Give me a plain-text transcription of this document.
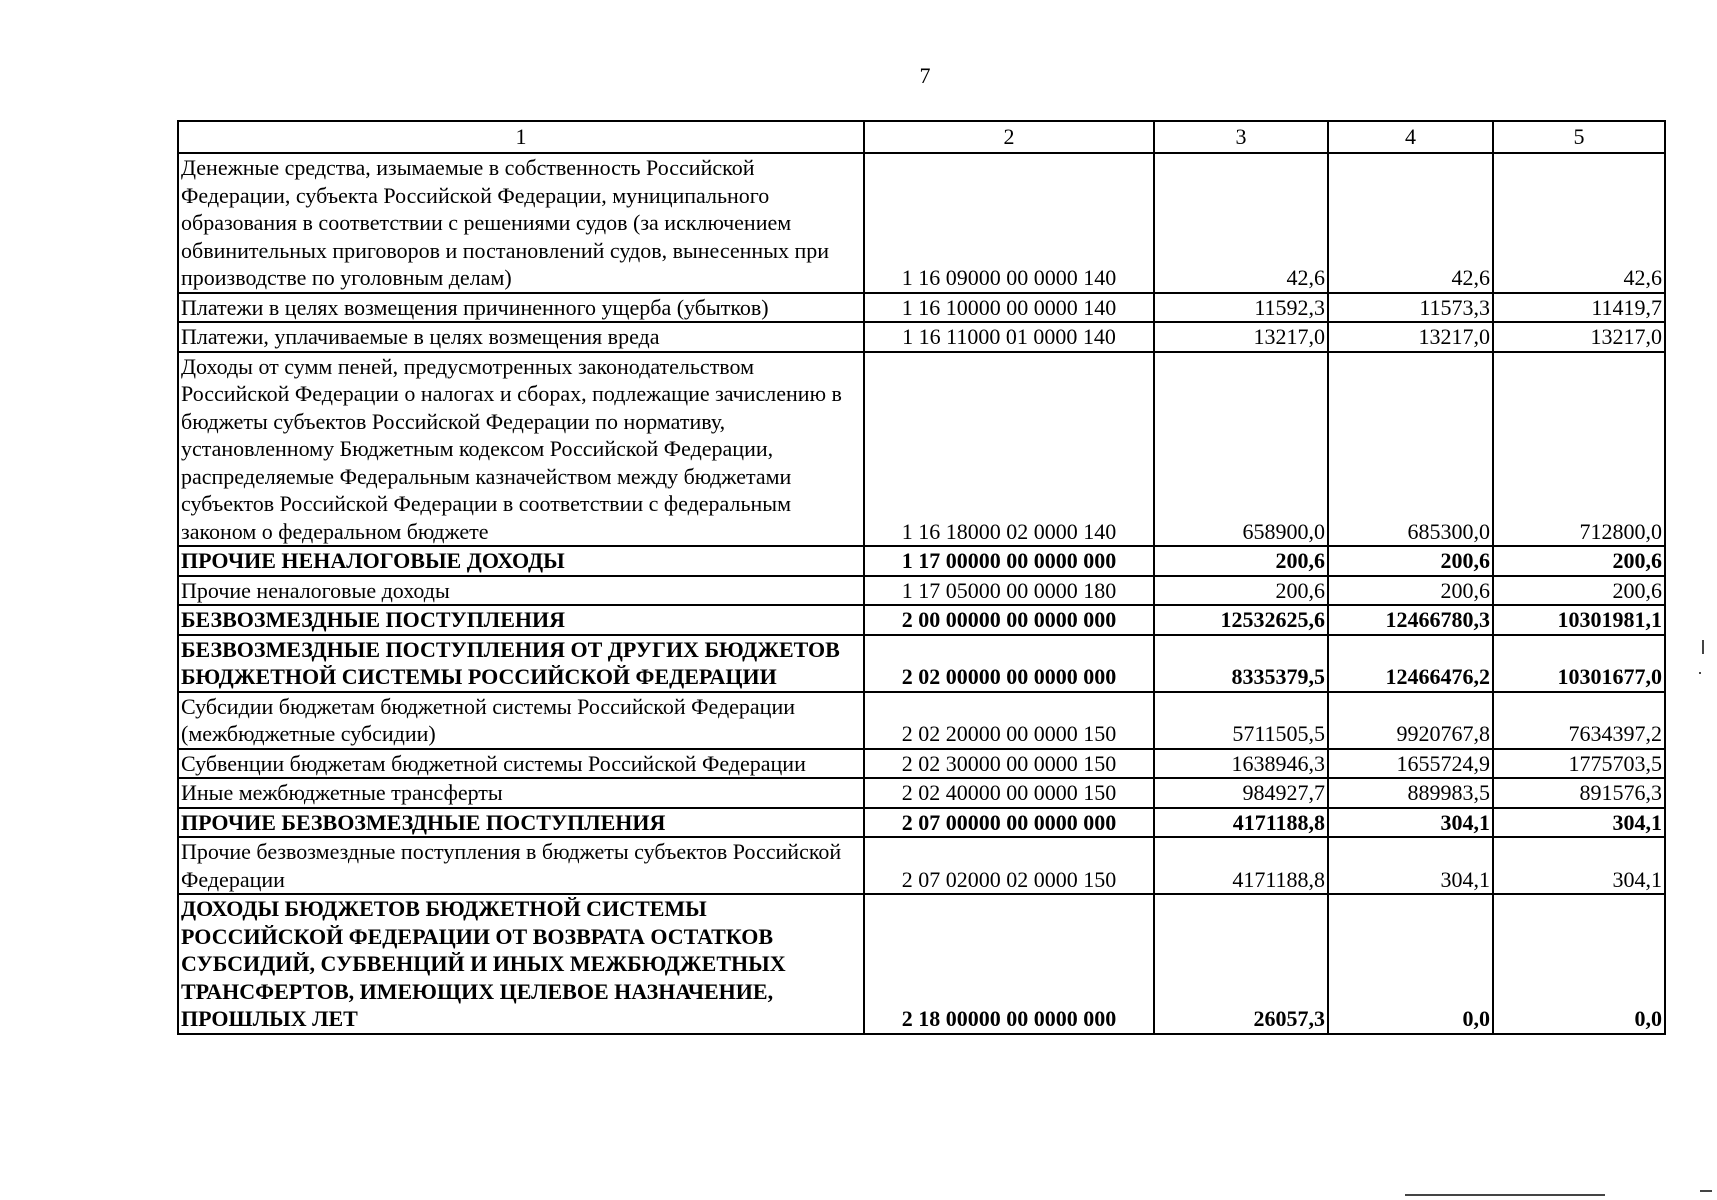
7
1	2	3	4	5
Денежные средства, изымаемые в собственность Российской Федерации, субъекта Российской Федерации, муниципального образования в соответствии с решениями судов (за исключением обвинительных приговоров и постановлений судов, вынесенных при производстве по уголовным делам)	1 16 09000 00 0000 140	42,6	42,6	42,6
Платежи в целях возмещения причиненного ущерба (убытков)	1 16 10000 00 0000 140	11592,3	11573,3	11419,7
Платежи, уплачиваемые в целях возмещения вреда	1 16 11000 01 0000 140	13217,0	13217,0	13217,0
Доходы от сумм пеней, предусмотренных законодательством Российской Федерации о налогах и сборах, подлежащие зачислению в бюджеты субъектов Российской Федерации по нормативу, установленному Бюджетным кодексом Российской Федерации, распределяемые Федеральным казначейством между бюджетами субъектов Российской Федерации в соответствии с федеральным законом о федеральном бюджете	1 16 18000 02 0000 140	658900,0	685300,0	712800,0
ПРОЧИЕ НЕНАЛОГОВЫЕ ДОХОДЫ	1 17 00000 00 0000 000	200,6	200,6	200,6
Прочие неналоговые доходы	1 17 05000 00 0000 180	200,6	200,6	200,6
БЕЗВОЗМЕЗДНЫЕ ПОСТУПЛЕНИЯ	2 00 00000 00 0000 000	12532625,6	12466780,3	10301981,1
БЕЗВОЗМЕЗДНЫЕ ПОСТУПЛЕНИЯ ОТ ДРУГИХ БЮДЖЕТОВ БЮДЖЕТНОЙ СИСТЕМЫ РОССИЙСКОЙ ФЕДЕРАЦИИ	2 02 00000 00 0000 000	8335379,5	12466476,2	10301677,0
Субсидии бюджетам бюджетной системы Российской Федерации (межбюджетные субсидии)	2 02 20000 00 0000 150	5711505,5	9920767,8	7634397,2
Субвенции бюджетам бюджетной системы Российской Федерации	2 02 30000 00 0000 150	1638946,3	1655724,9	1775703,5
Иные межбюджетные трансферты	2 02 40000 00 0000 150	984927,7	889983,5	891576,3
ПРОЧИЕ БЕЗВОЗМЕЗДНЫЕ ПОСТУПЛЕНИЯ	2 07 00000 00 0000 000	4171188,8	304,1	304,1
Прочие безвозмездные поступления в бюджеты субъектов Российской Федерации	2 07 02000 02 0000 150	4171188,8	304,1	304,1
ДОХОДЫ БЮДЖЕТОВ БЮДЖЕТНОЙ СИСТЕМЫ РОССИЙСКОЙ ФЕДЕРАЦИИ ОТ ВОЗВРАТА ОСТАТКОВ СУБСИДИЙ, СУБВЕНЦИЙ И ИНЫХ МЕЖБЮДЖЕТНЫХ ТРАНСФЕРТОВ, ИМЕЮЩИХ ЦЕЛЕВОЕ НАЗНАЧЕНИЕ, ПРОШЛЫХ ЛЕТ	2 18 00000 00 0000 000	26057,3	0,0	0,0
